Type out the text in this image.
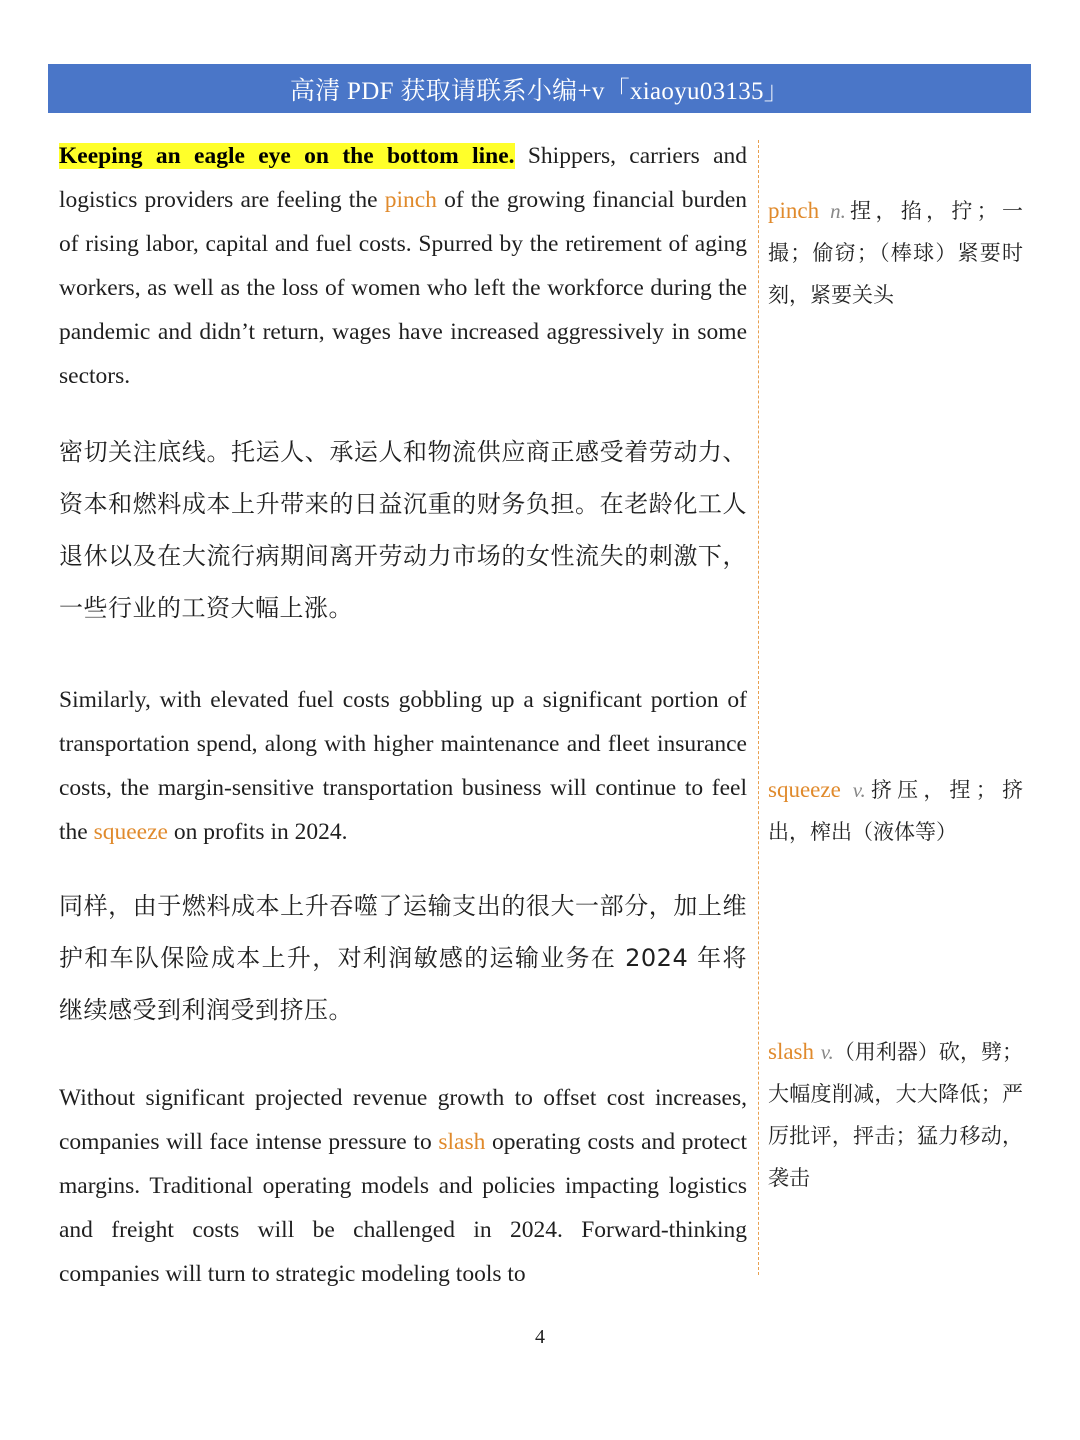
高清 PDF 获取请联系小编+v「xiaoyu03135」

Keeping an eagle eye on the bottom line. Shippers, carriers and logistics providers are feeling the pinch of the growing financial burden of rising labor, capital and fuel costs. Spurred by the retirement of aging workers, as well as the loss of women who left the workforce during the pandemic and didn’t return, wages have increased aggressively in some sectors.

密切关注底线。托运人、承运人和物流供应商正感受着劳动力、资本和燃料成本上升带来的日益沉重的财务负担。在老龄化工人退休以及在大流行病期间离开劳动力市场的女性流失的刺激下，一些行业的工资大幅上涨。

Similarly, with elevated fuel costs gobbling up a significant portion of transportation spend, along with higher maintenance and fleet insurance costs, the margin-sensitive transportation business will continue to feel the squeeze on profits in 2024.

同样，由于燃料成本上升吞噬了运输支出的很大一部分，加上维护和车队保险成本上升，对利润敏感的运输业务在 2024 年将继续感受到利润受到挤压。

Without significant projected revenue growth to offset cost increases, companies will face intense pressure to slash operating costs and protect margins. Traditional operating models and policies impacting logistics and freight costs will be challenged in 2024. Forward-thinking companies will turn to strategic modeling tools to

pinch n.捏，掐，拧；一撮；偷窃；（棒球）紧要时刻，紧要关头
squeeze v.挤压，捏；挤出，榨出（液体等）
slash v.（用利器）砍，劈；大幅度削减，大大降低；严厉批评，抨击；猛力移动，袭击
4
